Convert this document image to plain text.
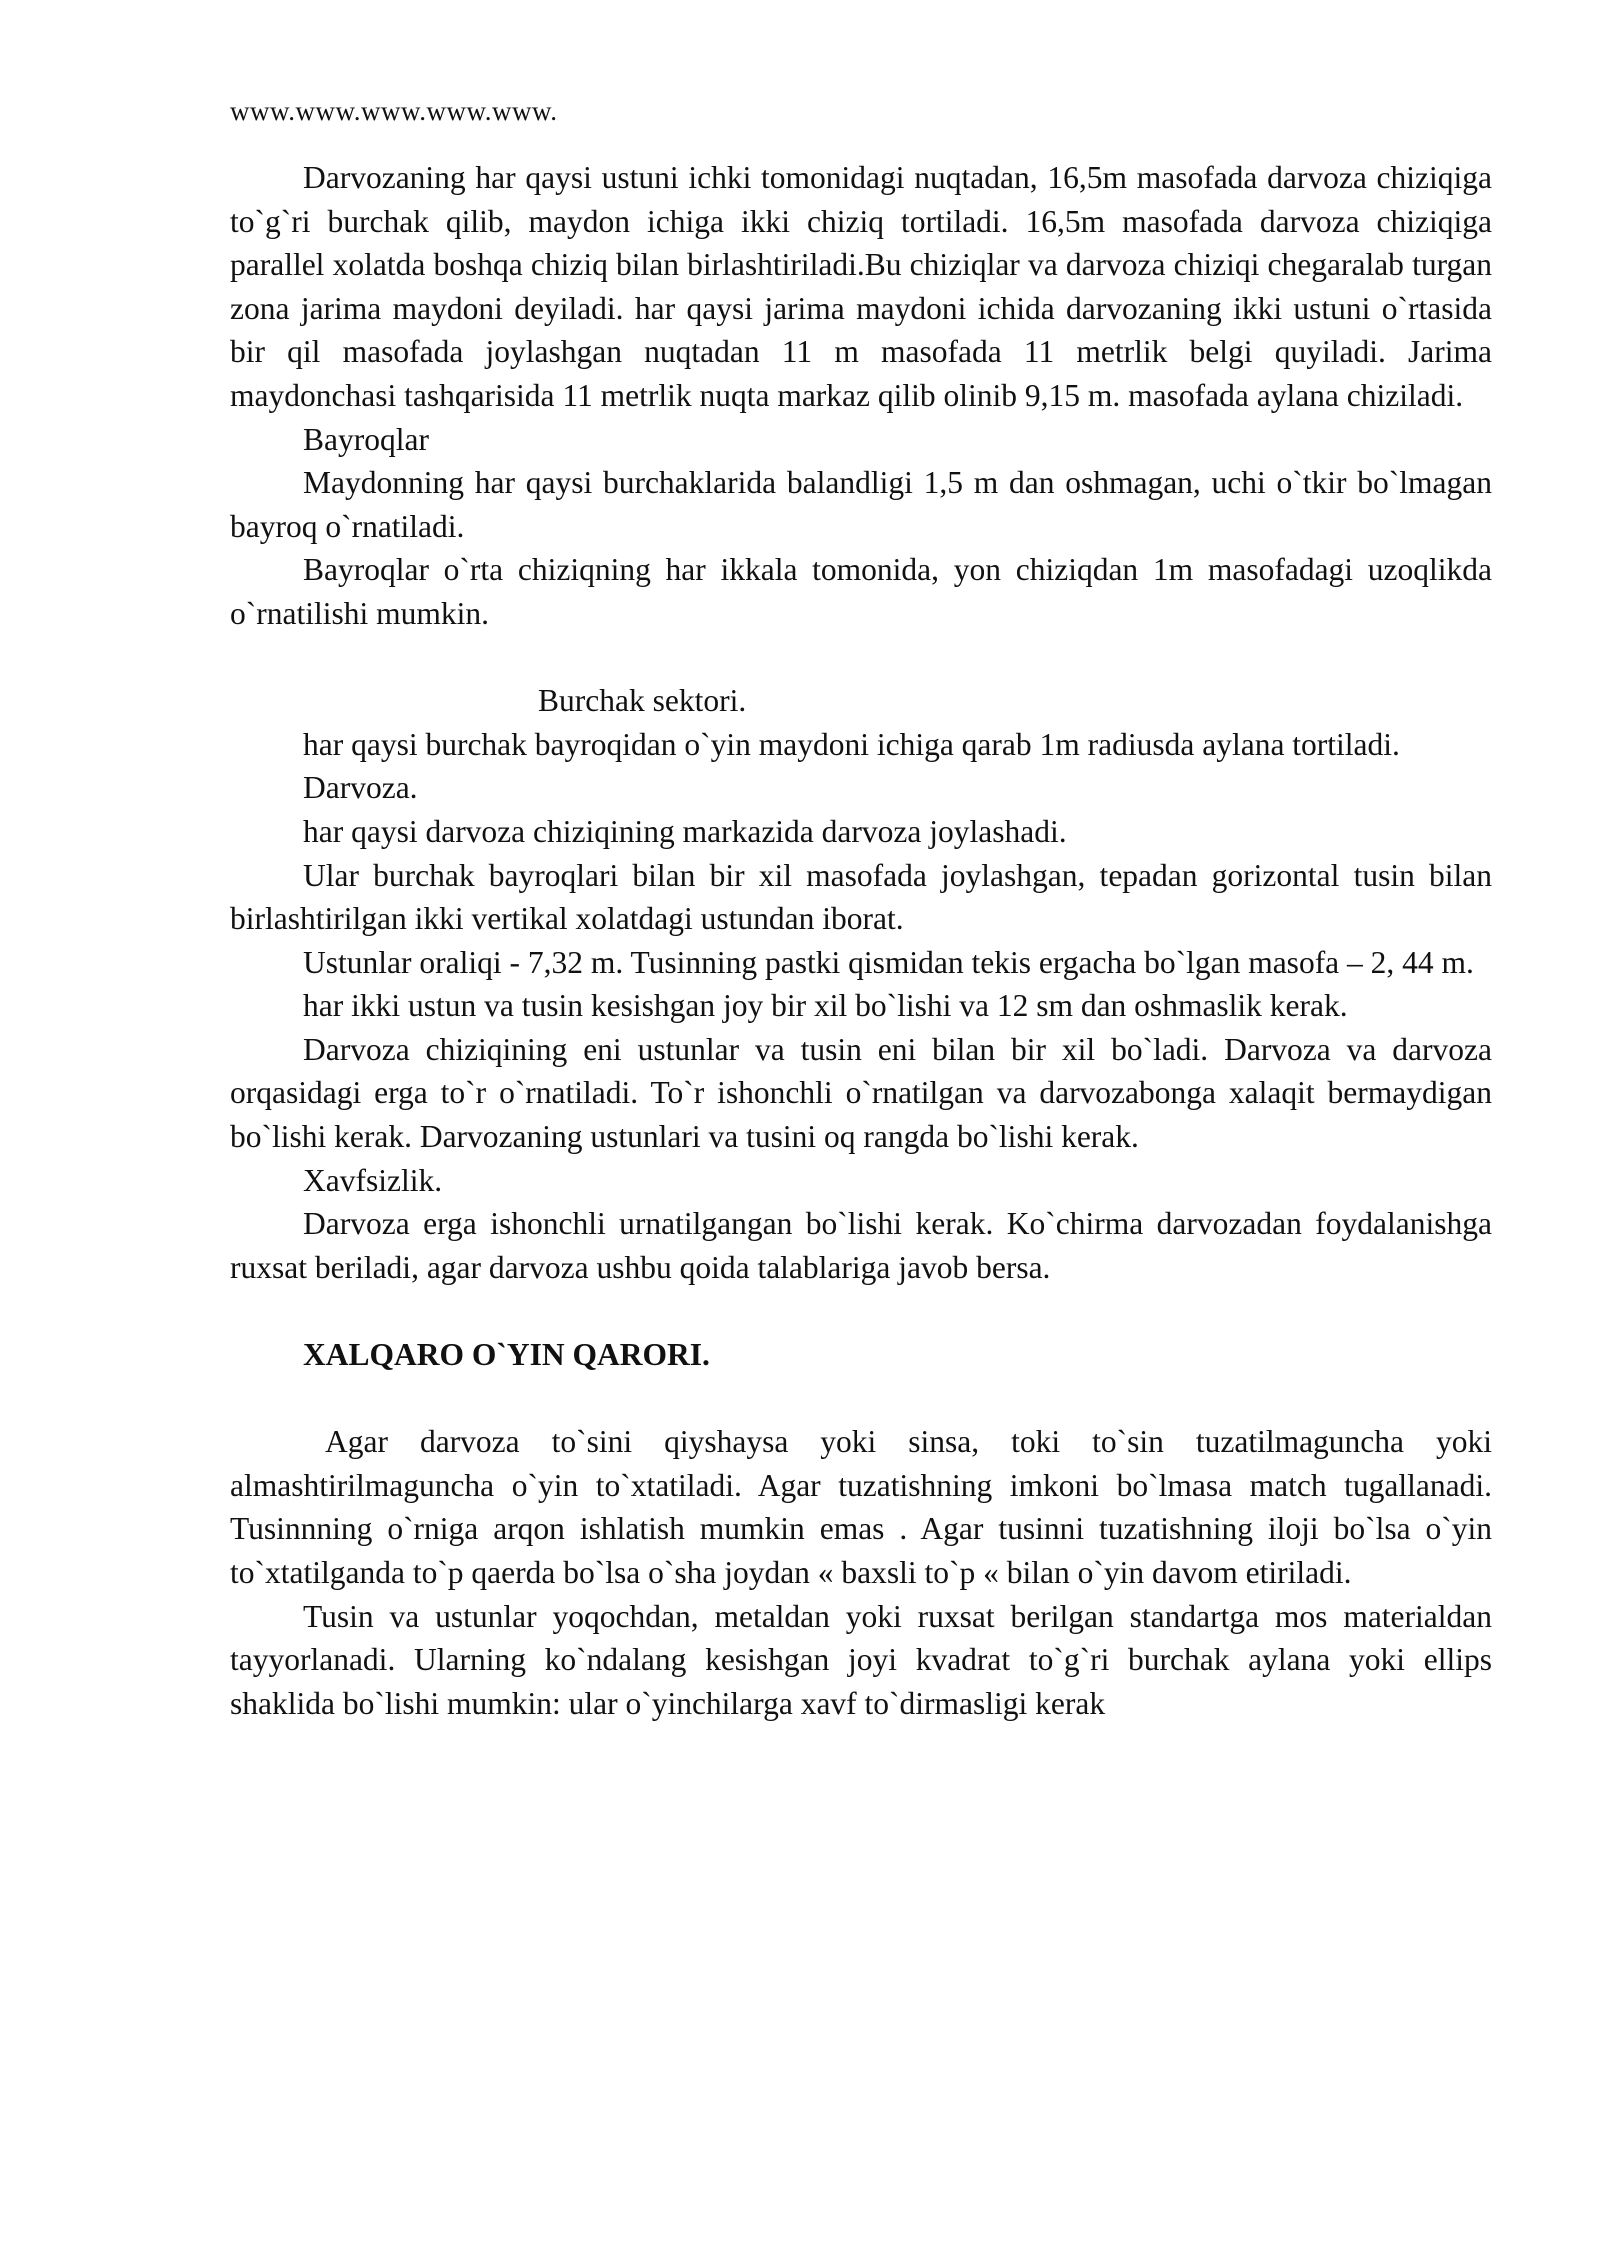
www.www.www.www.www.

Darvozaning har qaysi ustuni ichki tomonidagi nuqtadan, 16,5m masofada darvoza chiziqiga to`g`ri burchak qilib, maydon ichiga ikki chiziq tortiladi. 16,5m masofada darvoza chiziqiga parallel xolatda boshqa chiziq bilan birlashtiriladi.Bu chiziqlar va darvoza chiziqi chegaralab turgan zona jarima maydoni deyiladi. har qaysi jarima maydoni ichida darvozaning ikki ustuni o`rtasida bir qil masofada joylashgan nuqtadan 11 m masofada 11 metrlik belgi quyiladi. Jarima maydonchasi tashqarisida 11 metrlik nuqta markaz qilib olinib 9,15 m. masofada aylana chiziladi.

Bayroqlar

Maydonning har qaysi burchaklarida balandligi 1,5 m dan oshmagan, uchi o`tkir bo`lmagan bayroq o`rnatiladi.

Bayroqlar o`rta chiziqning har ikkala tomonida, yon chiziqdan 1m masofadagi uzoqlikda o`rnatilishi mumkin.

Burchak sektori.

har qaysi burchak bayroqidan o`yin maydoni ichiga qarab 1m radiusda aylana tortiladi.

Darvoza.

har qaysi darvoza chiziqining markazida darvoza joylashadi.

Ular burchak bayroqlari bilan bir xil masofada joylashgan, tepadan gorizontal tusin bilan birlashtirilgan ikki vertikal xolatdagi ustundan iborat.

Ustunlar oraliqi - 7,32 m. Tusinning pastki qismidan tekis ergacha bo`lgan masofa – 2, 44 m.

har ikki ustun va tusin kesishgan joy bir xil bo`lishi va 12 sm dan oshmaslik kerak.

Darvoza chiziqining eni ustunlar va tusin eni bilan bir xil bo`ladi. Darvoza va darvoza orqasidagi erga to`r o`rnatiladi. To`r ishonchli o`rnatilgan va darvozabonga xalaqit bermaydigan bo`lishi kerak. Darvozaning ustunlari va tusini oq rangda bo`lishi kerak.

Xavfsizlik.

Darvoza erga ishonchli urnatilgangan bo`lishi kerak. Ko`chirma darvozadan foydalanishga ruxsat beriladi, agar darvoza ushbu qoida talablariga javob bersa.

XALQARO O`YIN QARORI.

Agar darvoza to`sini qiyshaysa yoki sinsa, toki to`sin tuzatilmaguncha yoki almashtirilmaguncha o`yin to`xtatiladi. Agar tuzatishning imkoni bo`lmasa match tugallanadi. Tusinnning o`rniga arqon ishlatish mumkin emas . Agar tusinni tuzatishning iloji bo`lsa o`yin to`xtatilganda to`p qaerda bo`lsa o`sha joydan « baxsli to`p « bilan o`yin davom etiriladi.

Tusin va ustunlar yoqochdan, metaldan yoki ruxsat berilgan standartga mos materialdan tayyorlanadi. Ularning ko`ndalang kesishgan joyi kvadrat to`g`ri burchak aylana yoki ellips shaklida bo`lishi mumkin: ular o`yinchilarga xavf to`dirmasligi kerak
